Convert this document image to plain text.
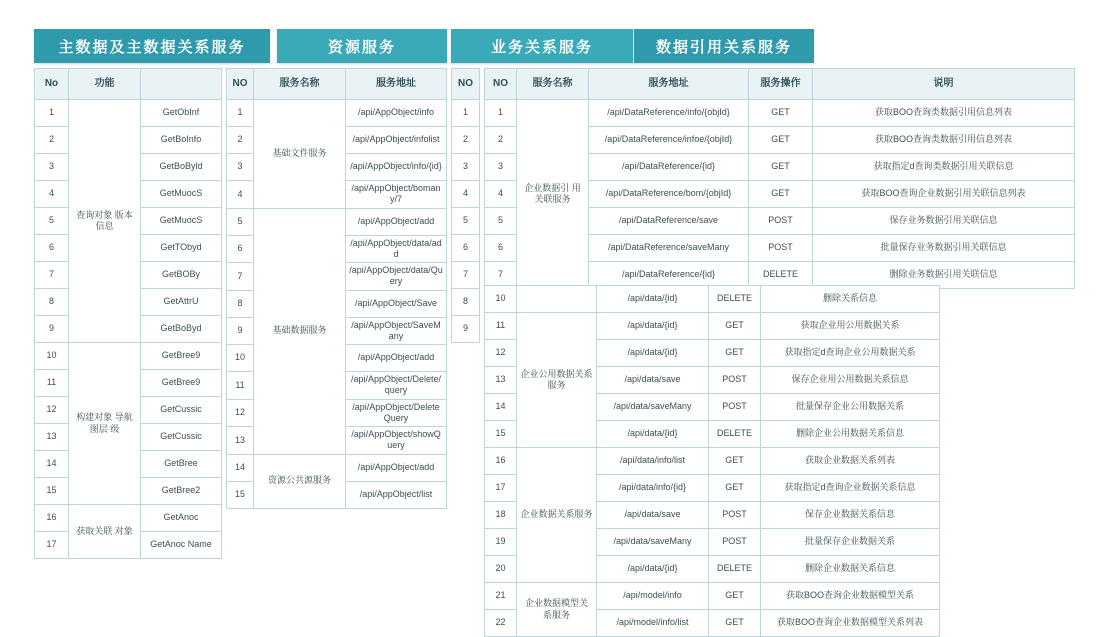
主数据及主数据关系服务
No	功能	
1	查询对象 版本信息	GetObInf
2		GetBoInfo
3		GetBoByld
4		GetMuocS
5		GetMuocS
6		GetTObyd
7		GetBOBy
8		GetAttrU
9		GetBoByd
10	构建对象 导航图层 级	GetBree9
11		GetBree9
12		GetCussic
13		GetCussic
14		GetBree
15		GetBree2
16	获取关联 对象	GetAnoc
17		GetAnoc Name
资源服务
NO	服务名称	服务地址
1	基础文件服务	/api/AppObject/info
2		/api/AppObject/infolist
3		/api/AppObject/info/{id}
4		/api/AppObject/bomany/7
5	基础数据服务	/api/AppObject/add
6		/api/AppObject/data/add
7		/api/AppObject/data/Query
8		/api/AppObject/Save
9		/api/AppObject/SaveMany
10		/api/AppObject/add
11		/api/AppObject/Delete/query
12		/api/AppObject/DeleteQuery
13		/api/AppObject/showQuery
14	资源公共源服务	/api/AppObject/add
15		/api/AppObject/list
业务关系服务
NO
1
2
3
4
5
6
7
8
9
数据引用关系服务
NO	服务名称	服务地址	服务操作	说明
1	企业数据引 用关联服务	/api/DataReference/info/{objId}	GET	获取BOO查询类数据引用信息列表
2		/api/DataReference/infoe/{objId}	GET	获取BOO查询类数据引用信息列表
3		/api/DataReference/{id}	GET	获取指定d查询类数据引用关联信息
4		/api/DataReference/bom/{objId}	GET	获取BOO查询企业数据引用关联信息列表
5		/api/DataReference/save	POST	保存业务数据引用关联信息
6		/api/DataReference/saveMany	POST	批量保存业务数据引用关联信息
7		/api/DataReference/{id}	DELETE	删除业务数据引用关联信息
10		/api/data/{id}	DELETE	删除关系信息
11	企业公用数据关系服务	/api/data/{id}	GET	获取企业用公用数据关系
12		/api/data/{id}	GET	获取指定d查询企业公用数据关系
13		/api/data/save	POST	保存企业用公用数据关系信息
14		/api/data/saveMany	POST	批量保存企业公用数据关系
15		/api/data/{id}	DELETE	删除企业公用数据关系信息
16	企业数据关系服务	/api/data/info/list	GET	获取企业数据关系列表
17		/api/data/info/{id}	GET	获取指定d查询企业数据关系信息
18		/api/data/save	POST	保存企业数据关系信息
19		/api/data/saveMany	POST	批量保存企业数据关系
20		/api/data/{id}	DELETE	删除企业数据关系信息
21	企业数据模型关 系服务	/api/model/info	GET	获取BOO查询企业数据模型关系
22		/api/model/info/list	GET	获取BOO查询企业数据模型关系列表
